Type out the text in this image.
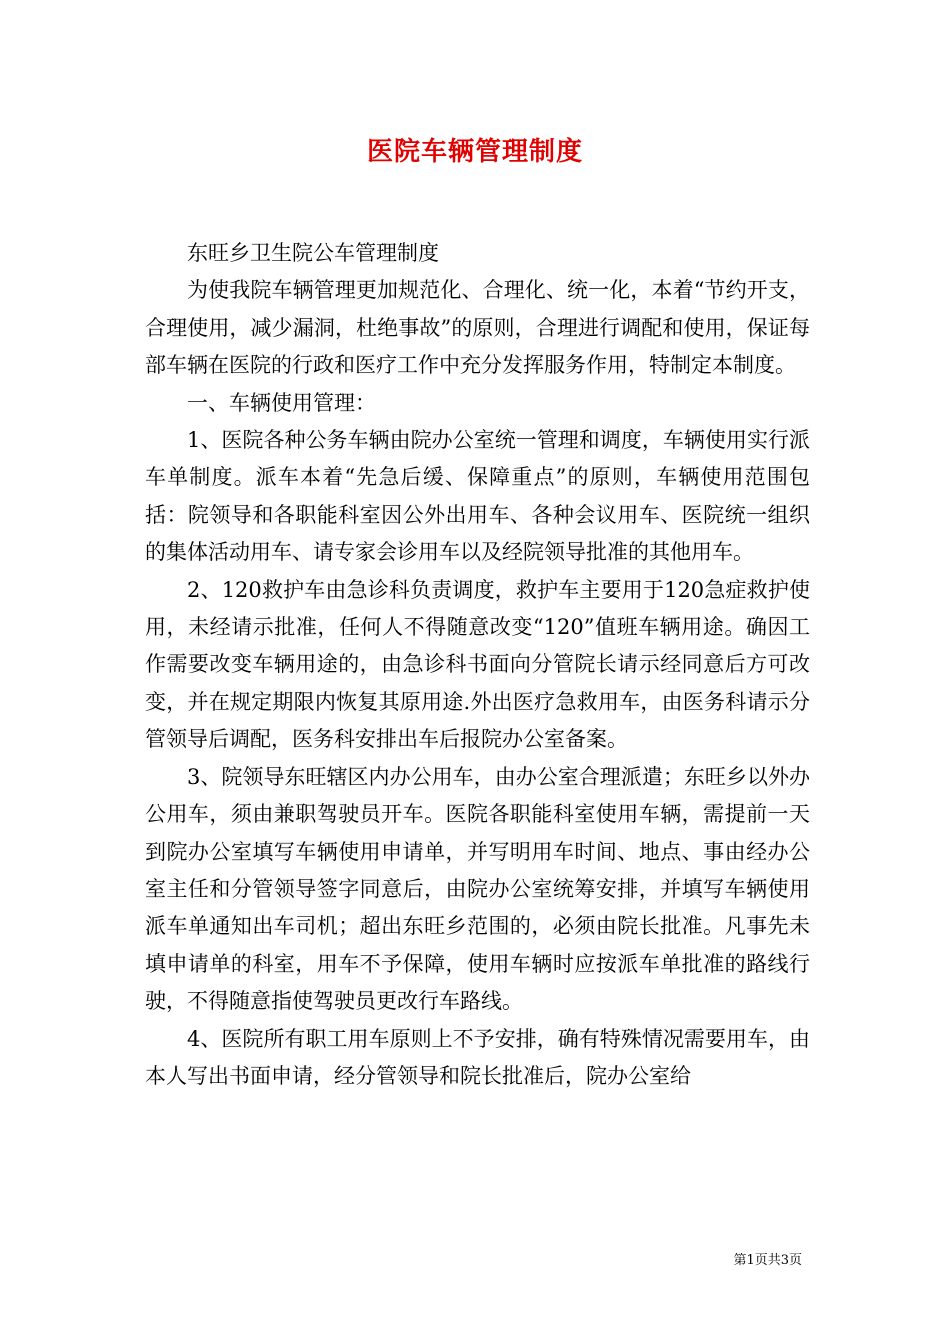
医院车辆管理制度

东旺乡卫生院公车管理制度

为使我院车辆管理更加规范化、合理化、统一化，本着“节约开支，合理使用，减少漏洞，杜绝事故”的原则，合理进行调配和使用，保证每部车辆在医院的行政和医疗工作中充分发挥服务作用，特制定本制度。

一、车辆使用管理：

1、医院各种公务车辆由院办公室统一管理和调度，车辆使用实行派车单制度。派车本着“先急后缓、保障重点”的原则，车辆使用范围包括：院领导和各职能科室因公外出用车、各种会议用车、医院统一组织的集体活动用车、请专家会诊用车以及经院领导批准的其他用车。

2、120救护车由急诊科负责调度，救护车主要用于120急症救护使用，未经请示批准，任何人不得随意改变“120”值班车辆用途。确因工作需要改变车辆用途的，由急诊科书面向分管院长请示经同意后方可改变，并在规定期限内恢复其原用途.外出医疗急救用车，由医务科请示分管领导后调配，医务科安排出车后报院办公室备案。

3、院领导东旺辖区内办公用车，由办公室合理派遣；东旺乡以外办公用车，须由兼职驾驶员开车。医院各职能科室使用车辆，需提前一天到院办公室填写车辆使用申请单，并写明用车时间、地点、事由经办公室主任和分管领导签字同意后，由院办公室统筹安排，并填写车辆使用派车单通知出车司机；超出东旺乡范围的，必须由院长批准。凡事先未填申请单的科室，用车不予保障，使用车辆时应按派车单批准的路线行驶，不得随意指使驾驶员更改行车路线。

4、医院所有职工用车原则上不予安排，确有特殊情况需要用车，由本人写出书面申请，经分管领导和院长批准后，院办公室给

第1页共3页
